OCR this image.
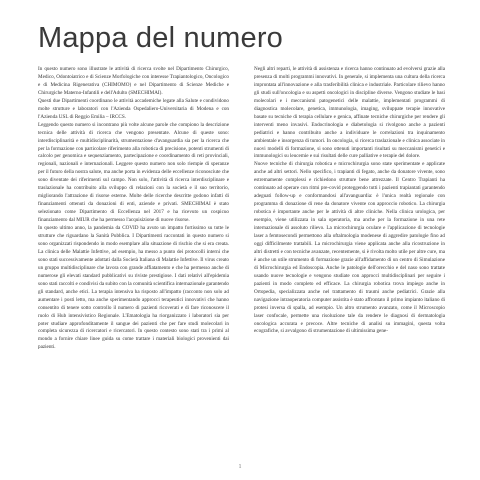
Mappa del numero

In questo numero sono illustrate le attività di ricerca svolte nel Dipartimento Chirurgico, Medico, Odontoiatrico e di Scienze Morfologiche con interesse Trapiantologico, Oncologico e di Medicina Rigenerativa (CHIMOMO) e nel Dipartimento di Scienze Mediche e Chirurgiche Materno-Infantili e dell'Adulto (SMECHIMAI).

Questi due Dipartimenti coordinano le attività accademiche legate alla Salute e condividono molte strutture e laboratori con l'Azienda Ospedaliero-Universitaria di Modena e con l'Azienda USL di Reggio Emilia – IRCCS.

Leggendo questo numero si incontrano più volte alcune parole che compiono la descrizione tecnica delle attività di ricerca che vengono presentate. Alcune di queste sono: interdisciplinarità e multidisciplinarità, strumentazione d'avanguardia sia per la ricerca che per la formazione con particolare riferimento alla robotica di precisione, potenti strumenti di calcolo per genomica e sequenziamento, partecipazione e coordinamento di reti provinciali, regionali, nazionali e internazionali. Leggere questo numero non solo riempie di speranze per il futuro della nostra salute, ma anche porta in evidenza delle eccellenze riconosciute che sono diventate dei riferimenti sul campo. Non solo, l'attività di ricerca interdisciplinare e traslazionale ha contribuito alla sviluppo di relazioni con la società e il suo territorio, migliorando l'attrazione di risorse esterne. Molte delle ricerche descritte godono infatti di finanziamenti ottenuti da donazioni di enti, aziende e privati. SMECHIMAI è stato selezionato come Dipartimento di Eccellenza nel 2017 e ha ricevuto un cospicuo finanziamento dal MIUR che ha permesso l'acquisizione di nuove risorse.

In questo ultimo anno, la pandemia da COVID ha avuto un impatto fortissimo su tutte le strutture che riguardano la Sanità Pubblica. I Dipartimenti raccontati in questo numero si sono organizzati rispondendo in modo esemplare alla situazione di rischio che si era creata. La clinica delle Malattie Infettive, ad esempio, ha messo a punto dei protocolli interni che sono stati successivamente adottati dalla Società Italiana di Malattie Infettive. Il virus creato un gruppo multidisciplinare che lavora con grande affiatamento e che ha permesso anche di numerose gli elevati standard pubblicativi su riviste prestigiose. I dati relativi all'epidemia sono stati raccolti e condivisi da subito con la comunità scientifica internazionale garantendo gli standard, anche etici. La terapia intensiva ha risposto all'impatto (racconto non solo ad aumentare i posti letto, ma anche sperimentando approcci terapeutici innovativi che hanno consentito di tenere sotto controllo il numero di pazienti ricoverati e di fare riconoscere il ruolo di Hub intensivistico Regionale. L'Ematologia ha riorganizzato i laboratori sia per poter studiare approfonditamente il sangue dei pazienti che per fare studi molecolari in completa sicurezza di ricercatori e ricercatori. In questo contesto sono stati tra i primi al mondo a fornire chiare linee guida su come trattare i materiali biologici provenienti dai pazienti.

Negli altri reparti, le attività di assistenza e ricerca hanno continuato ad evolversi grazie alla presenza di molti programmi innovativi. In generale, si implementa una cultura della ricerca improntata all'innovazione e alla trasferibilità clinica e industriale. Particolare rilievo hanno gli studi sull'oncologia e su aspetti oncologici in discipline diverse. Vengono studiate le basi molecolari e i meccanismi patogenetici delle malattie, implementati programmi di diagnostica molecolare, genetica, immunologia, imaging, sviluppate terapie innovative basate su tecniche di terapia cellulare e genica, affinate tecniche chirurgiche per rendere gli interventi meno invasivi. Endocrinologia e diabetologia si rivolgono anche a pazienti pediatrici e hanno contribuito anche a individuare le correlazioni tra inquinamento ambientale e insorgenza di tumori. In oncologia, si ricerca traslazionale e clinica associate in nuovi modelli di formazione, si sono ottenuti importanti risultati su meccanismi genetici e immunologici su leucemie e sui risultati delle cure palliative e terapie del dolore.

Nuove tecniche di chirurgia robotica e microchirurgia sono state sperimentate e applicate anche ad altri settori. Nello specifico, i trapianti di fegato, anche da donatore vivente, sono estremamente complessi e richiedono strutture bene attrezzate. Il Centro Trapianti ha continuato ad operare con ritmi pre-covid proteggendo tutti i pazienti trapiantati garantendo adeguati follow-up e conformandosi all'avanguardia: è l'unica realtà regionale con programma di donazione di rene da donatore vivente con approccio robotico. La chirurgia robotica è importante anche per le attività di altre cliniche. Nella clinica urologica, per esempio, viene utilizzata in sala operatoria, ma anche per la formazione in una rete internazionale di assoluto rilievo. La microchirurgia oculare e l'applicazione di tecnologie laser a femtosecondi permettono alla oftalmologia modenese di aggredire patologie fino ad oggi difficilmente trattabili. La microchirurgia viene applicata anche alla ricostruzione in altri distretti e con tecniche avanzate, recentemente, si è rivolta molto utile per altre cure, ma è anche un utile strumento di formazione grazie all'affidamento di un centro di Simulazione di Microchirurgia ed Endoscopia. Anche le patologie dell'orecchio e del naso sono trattate usando nuove tecnologie e vengono studiate con approcci multidisciplinari per seguire i pazienti in modo completo ed efficace. La chirurgia robotica trova impiego anche in Ortopedia, specializzata anche nel trattamento di traumi anche pediatrici. Grazie alla navigazione intraoperatoria computer assistita è stato affrontato il primo impianto italiano di protesi inversa di spalla, ad esempio. Un altro strumento avanzato, come il Microscopio laser confocale, permette una risoluzione tale da rendere le diagnosi di dermatologia oncologica accurata e precoce. Altre tecniche di analisi su immagini, questa volta ecografiche, si avvalgono di strumentazione di ultimissima gene-

1
